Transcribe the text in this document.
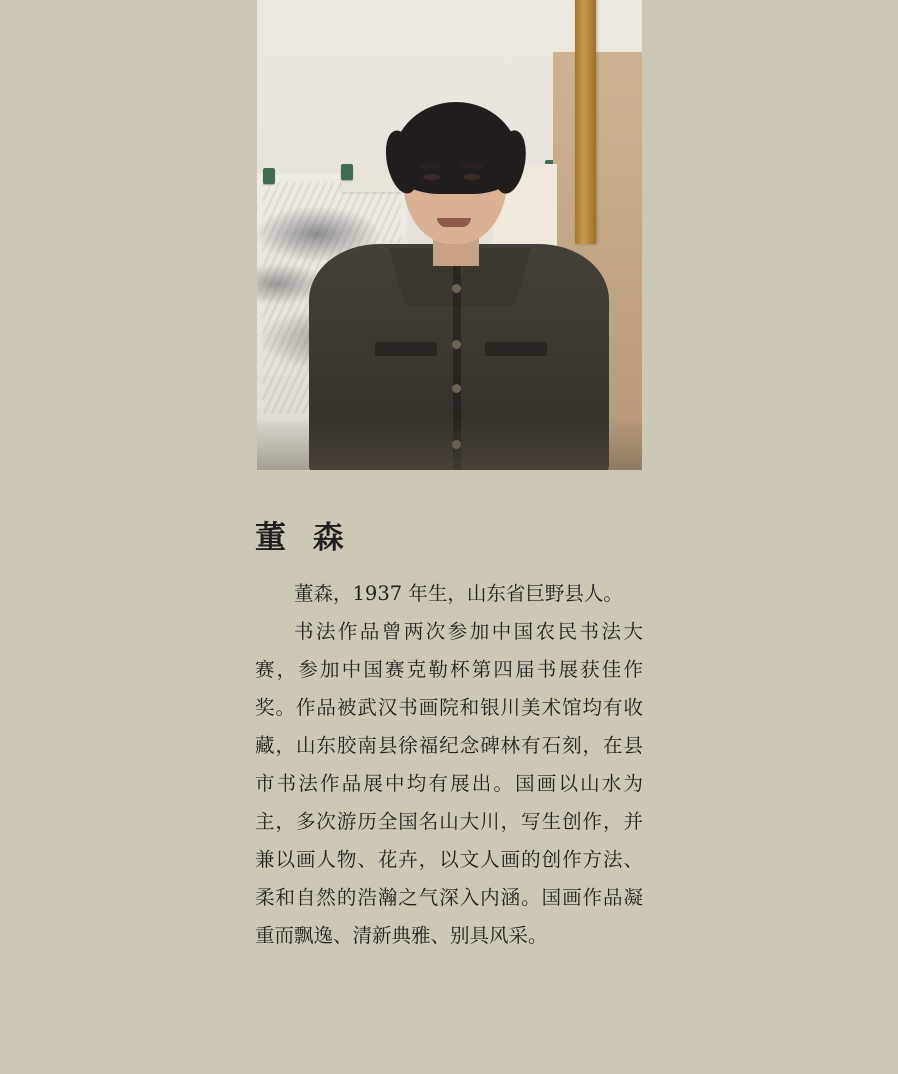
董 森

董森，1937 年生，山东省巨野县人。

书法作品曾两次参加中国农民书法大赛，参加中国赛克勒杯第四届书展获佳作奖。作品被武汉书画院和银川美术馆均有收藏，山东胶南县徐福纪念碑林有石刻，在县市书法作品展中均有展出。国画以山水为主，多次游历全国名山大川，写生创作，并兼以画人物、花卉，以文人画的创作方法、柔和自然的浩瀚之气深入内涵。国画作品凝重而飘逸、清新典雅、别具风采。
